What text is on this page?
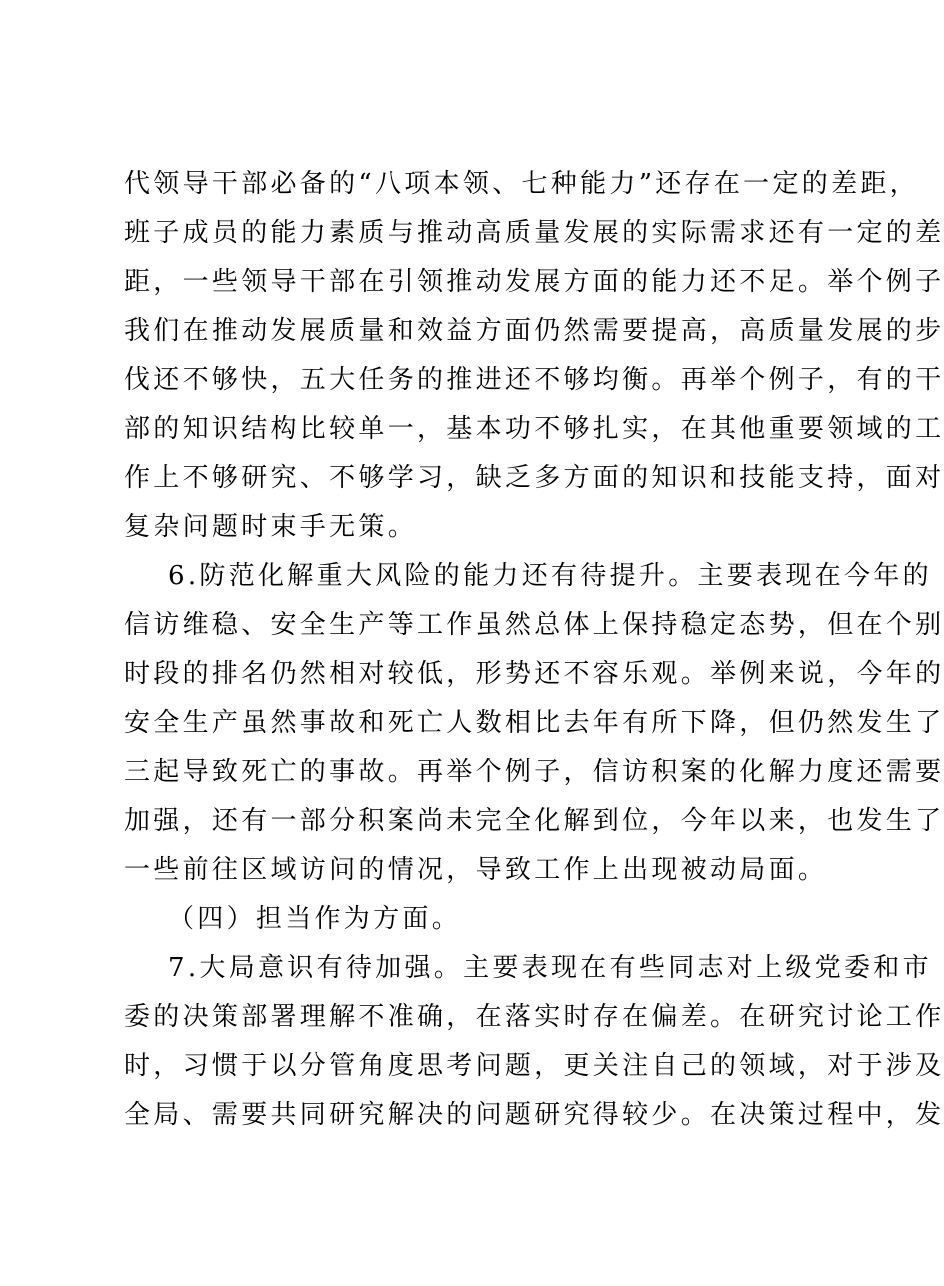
代领导干部必备的“八项本领、七种能力”还存在一定的差距，
班子成员的能力素质与推动高质量发展的实际需求还有一定的差
距，一些领导干部在引领推动发展方面的能力还不足。举个例子
我们在推动发展质量和效益方面仍然需要提高，高质量发展的步
伐还不够快，五大任务的推进还不够均衡。再举个例子，有的干
部的知识结构比较单一，基本功不够扎实，在其他重要领域的工
作上不够研究、不够学习，缺乏多方面的知识和技能支持，面对
复杂问题时束手无策。
6.防范化解重大风险的能力还有待提升。主要表现在今年的
信访维稳、安全生产等工作虽然总体上保持稳定态势，但在个别
时段的排名仍然相对较低，形势还不容乐观。举例来说，今年的
安全生产虽然事故和死亡人数相比去年有所下降，但仍然发生了
三起导致死亡的事故。再举个例子，信访积案的化解力度还需要
加强，还有一部分积案尚未完全化解到位，今年以来，也发生了
一些前往区域访问的情况，导致工作上出现被动局面。
（四）担当作为方面。
7.大局意识有待加强。主要表现在有些同志对上级党委和市
委的决策部署理解不准确，在落实时存在偏差。在研究讨论工作
时，习惯于以分管角度思考问题，更关注自己的领域，对于涉及
全局、需要共同研究解决的问题研究得较少。在决策过程中，发
